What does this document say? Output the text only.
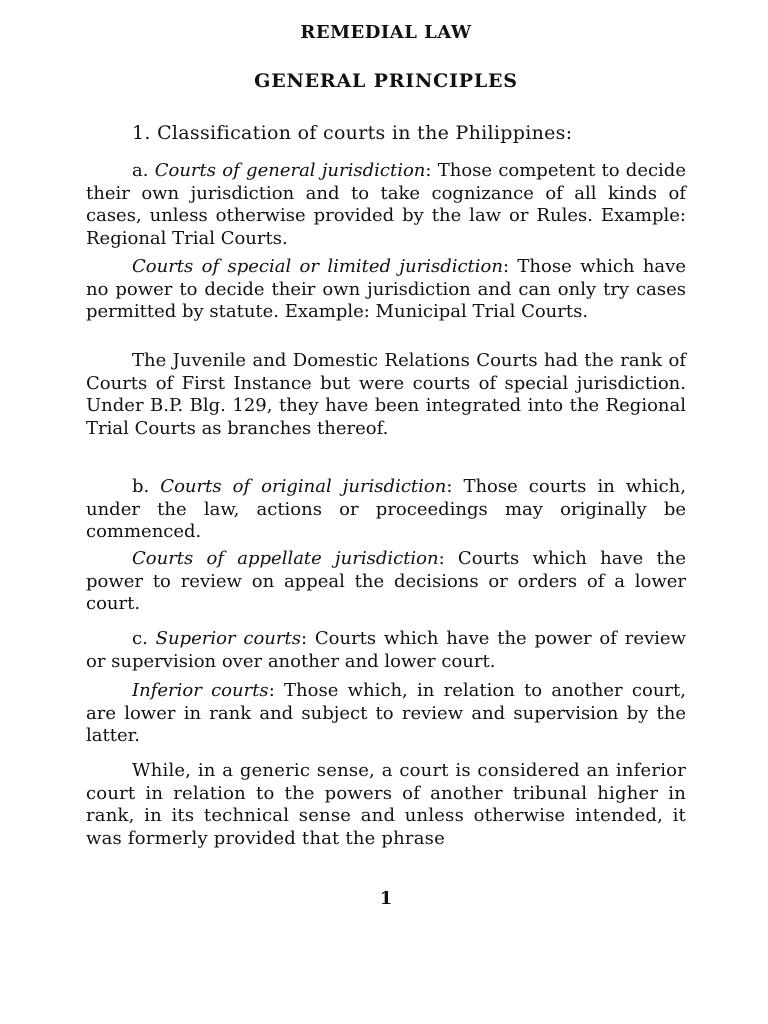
REMEDIAL LAW
GENERAL PRINCIPLES

1. Classification of courts in the Philippines:

a. Courts of general jurisdiction: Those competent to decide their own jurisdiction and to take cognizance of all kinds of cases, unless otherwise provided by the law or Rules. Example: Regional Trial Courts.

Courts of special or limited jurisdiction: Those which have no power to decide their own jurisdiction and can only try cases permitted by statute. Example: Municipal Trial Courts.

The Juvenile and Domestic Relations Courts had the rank of Courts of First Instance but were courts of special jurisdiction. Under B.P. Blg. 129, they have been integrated into the Regional Trial Courts as branches thereof.

b. Courts of original jurisdiction: Those courts in which, under the law, actions or proceedings may originally be commenced.

Courts of appellate jurisdiction: Courts which have the power to review on appeal the decisions or orders of a lower court.

c. Superior courts: Courts which have the power of review or supervision over another and lower court.

Inferior courts: Those which, in relation to another court, are lower in rank and subject to review and supervision by the latter.

While, in a generic sense, a court is considered an inferior court in relation to the powers of another tribunal higher in rank, in its technical sense and unless otherwise intended, it was formerly provided that the phrase

1
